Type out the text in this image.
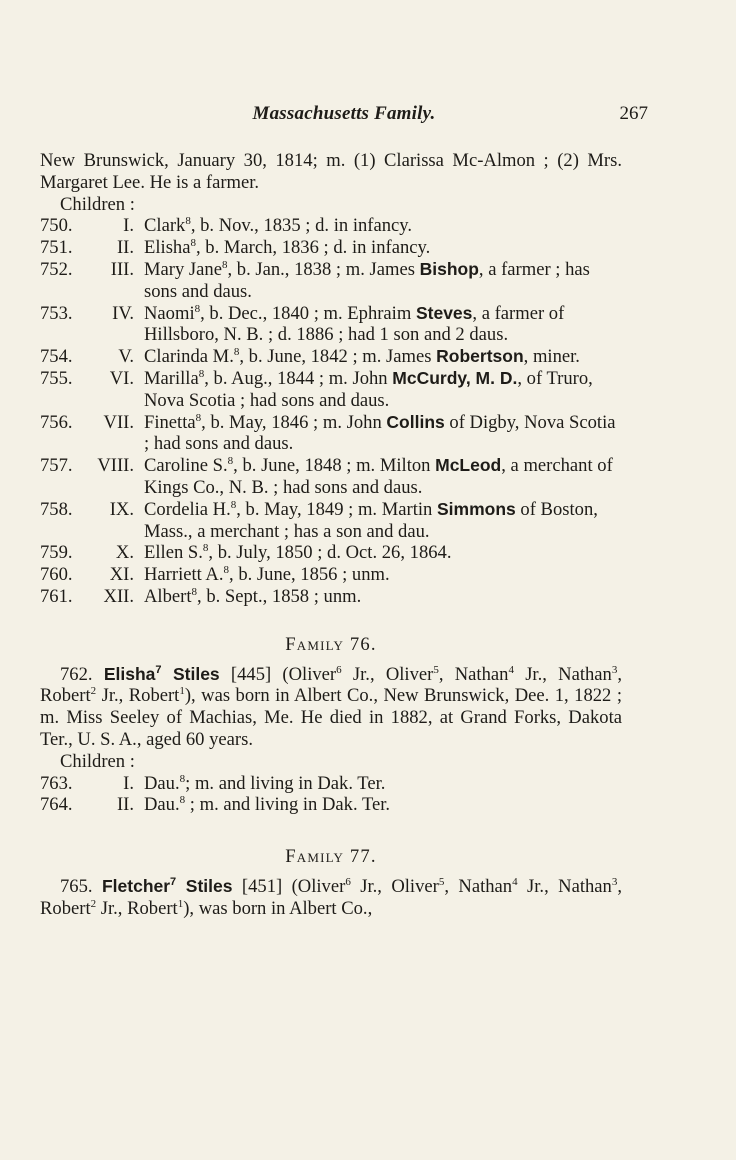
Massachusetts Family.	267
New Brunswick, January 30, 1814; m. (1) Clarissa Mc-Almon ; (2) Mrs. Margaret Lee. He is a farmer.
Children :
750.	I. Clark$^8$, b. Nov., 1835 ; d. in infancy.
751. II. Elisha$^8$, b. March, 1836 ; d. in infancy.
752. III. Mary Jane$^8$, b. Jan., 1838 ; m. James Bishop, a farmer ; has sons and daus.
753. IV. Naomi$^8$, b. Dec., 1840 ; m. Ephraim Steves, a farmer of Hillsboro, N. B. ; d. 1886 ; had 1 son and 2 daus.
754. V. Clarinda M.$^8$, b. June, 1842 ; m. James Robertson, miner.
755. VI. Marilla$^8$, b. Aug., 1844 ; m. John McCurdy, M. D., of Truro, Nova Scotia ; had sons and daus.
756. VII. Finetta$^8$, b. May, 1846 ; m. John Collins of Digby, Nova Scotia ; had sons and daus.
757. VIII. Caroline S.$^8$, b. June, 1848 ; m. Milton McLeod, a merchant of Kings Co., N. B. ; had sons and daus.
758. IX. Cordelia H.$^8$, b. May, 1849 ; m. Martin Simmons of Boston, Mass., a merchant ; has a son and dau.
759. X. Ellen S.$^8$, b. July, 1850 ; d. Oct. 26, 1864.
760. XI. Harriett A.$^8$, b. June, 1856 ; unm.
761. XII. Albert$^8$, b. Sept., 1858 ; unm.
Family 76.
762. Elisha$^7$ Stiles [445] (Oliver$^6$ Jr., Oliver$^5$, Nathan$^4$ Jr., Nathan$^3$, Robert$^2$ Jr., Robert$^1$), was born in Albert Co., New Brunswick, Dee. 1, 1822 ; m. Miss Seeley of Machias, Me. He died in 1882, at Grand Forks, Dakota Ter., U. S. A., aged 60 years.
Children :
763.	I. Dau.$^8$; m. and living in Dak. Ter.
764. II. Dau.$^8$ ; m. and living in Dak. Ter.
Family 77.
765. Fletcher$^7$ Stiles [451] (Oliver$^6$ Jr., Oliver$^5$, Nathan$^4$ Jr., Nathan$^3$, Robert$^2$ Jr., Robert$^1$), was born in Albert Co.,
